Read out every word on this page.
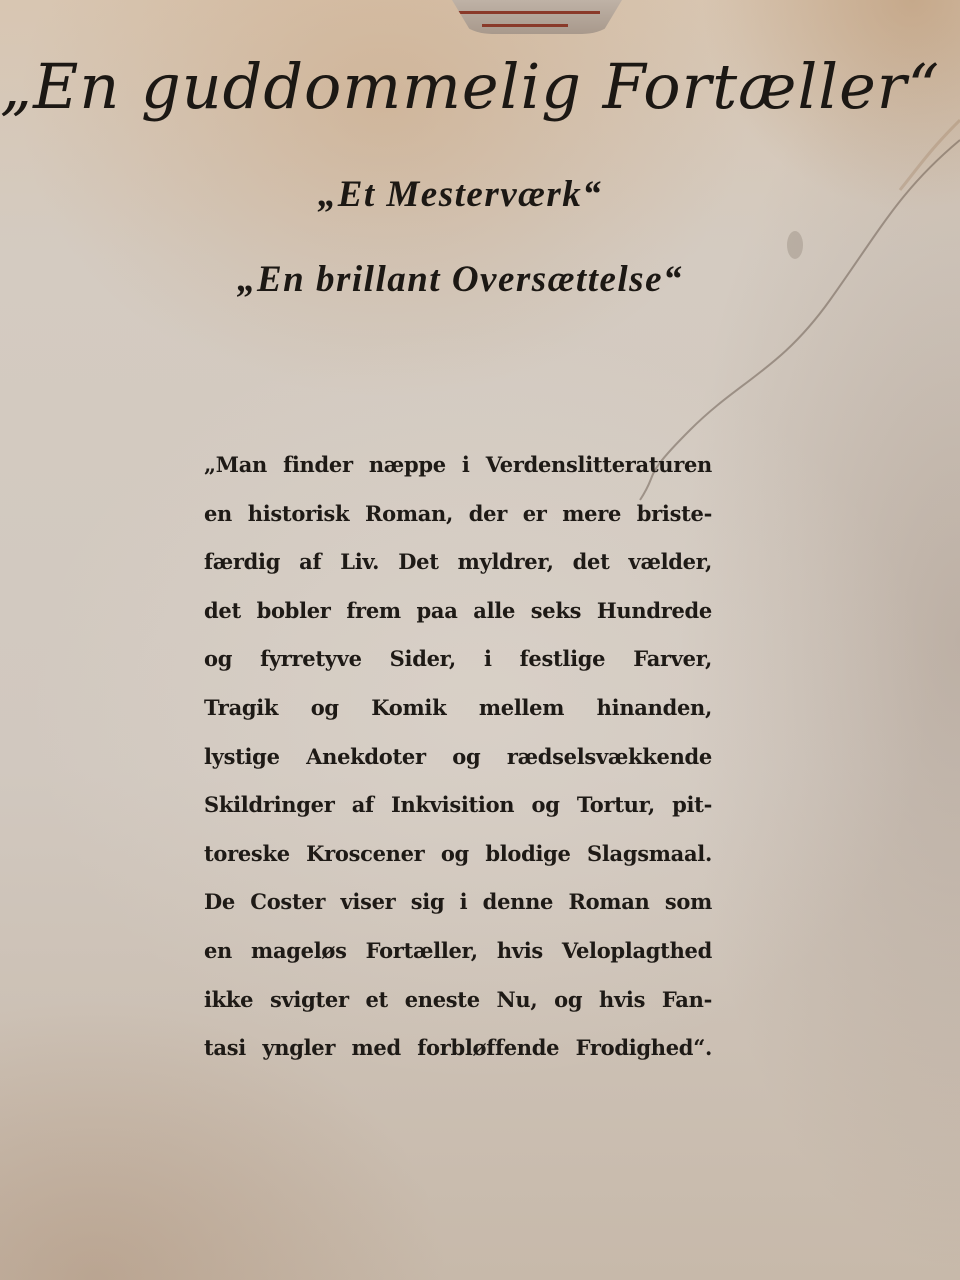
„En guddommelig Fortæller“
„Et Mesterværk“
„En brillant Oversættelse“
„Man finder næppe i Verdenslitteraturen
en historisk Roman, der er mere briste-
færdig af Liv. Det myldrer, det vælder,
det bobler frem paa alle seks Hundrede
og fyrretyve Sider, i festlige Farver,
Tragik og Komik mellem hinanden,
lystige Anekdoter og rædselsvækkende
Skildringer af Inkvisition og Tortur, pit-
toreske Kroscener og blodige Slagsmaal.
De Coster viser sig i denne Roman som
en mageløs Fortæller, hvis Veloplagthed
ikke svigter et eneste Nu, og hvis Fan-
tasi yngler med forbløffende Frodighed“.
